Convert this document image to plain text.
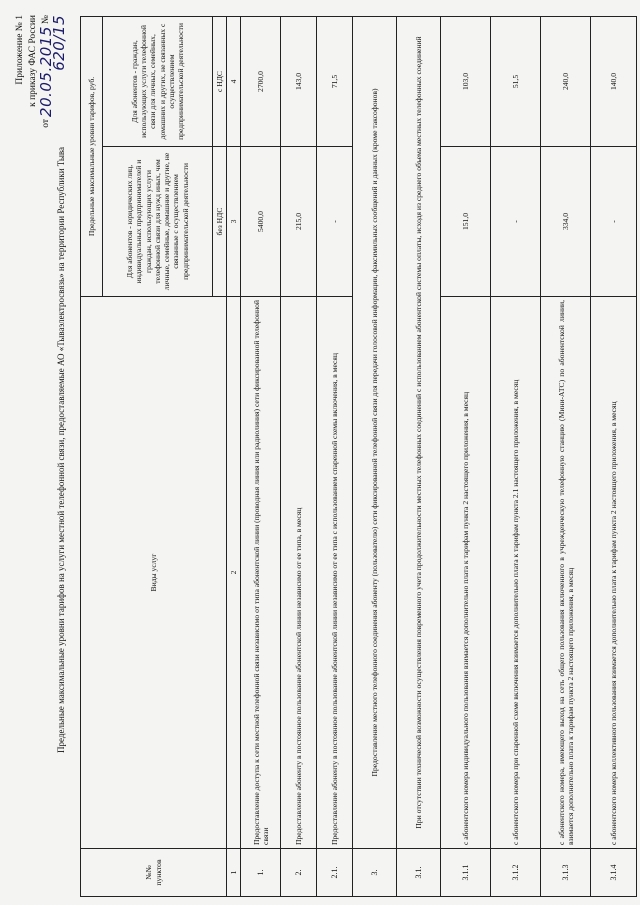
Приложение № 1 к приказу ФАС России
от
20.05.2015
№ 620/15
Предельные максимальные уровни тарифов на услуги местной телефонной связи, предоставляемые АО «Тываэлектросвязь» на территории Республики Тыва
№№ пунктов	Виды услуг	Предельные максимальные уровни тарифов, руб.	
		Для абонентов - юридических лиц, индивидуальных предпринимателей и граждан, использующих услуги телефонной связи для нужд иных, чем личные, семейные, домашние и другие, не связанные с осуществлением предпринимательской деятельности	Для абонентов - граждан, использующих услуги телефонной связи для личных, семейных, домашних и других, не связанных с осуществлением предпринимательской деятельности
		без НДС	с НДС
1	2	3	4
1.	Предоставление доступа к сети местной телефонной связи независимо от типа абонентской линии (проводная линия или радиолиния) сети фиксированной телефонной связи	5400,0	2700,0
2.	Предоставление абоненту в постоянное пользование абонентской линии независимо от ее типа, в месяц	215,0	143,0
2.1.	Предоставление абоненту в постоянное пользование абонентской линии независимо от ее типа с использованием спаренной схемы включения, в месяц	-	71,5
3.	Предоставление местного телефонного соединения абоненту (пользователю) сети фиксированной телефонной связи для передачи голосовой информации, факсимильных сообщений и данных (кроме таксофонов)		
3.1.	При отсутствии технической возможности осуществления повременного учета продолжительности местных телефонных соединений с использованием абонентской системы оплаты, исходя из среднего объема местных телефонных соединений		
3.1.1	с абонентского номера индивидуального пользования взимается дополнительно плата к тарифам пункта 2 настоящего приложения, в месяц	151,0	103,0
3.1.2	с абонентского номера при спаренной схеме включения взимается дополнительно плата к тарифам пункта 2.1 настоящего приложения, в месяц	-	51,5
3.1.3	с абонентского номера, имеющего выход на сеть общего пользования включенного в учрежденческую телефонную станцию (Мини-АТС) по абонентской линии, взимается дополнительно плата к тарифам пункта 2 настоящего приложения, в месяц	334,0	240,0
3.1.4	с абонентского номера коллективного пользования взимается дополнительно плата к тарифам пункта 2 настоящего приложения, в месяц	-	140,0
